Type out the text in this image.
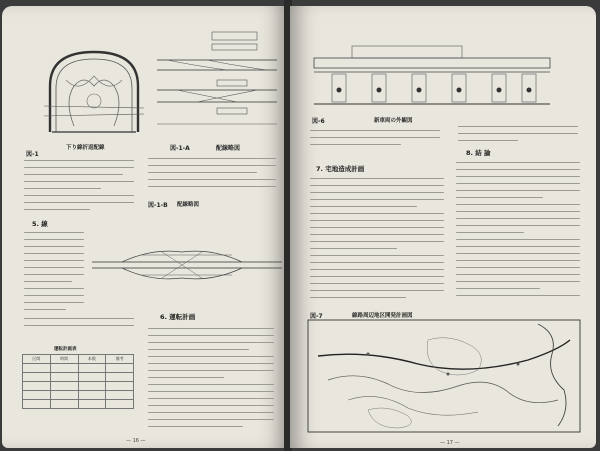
図-1
下り線折返配線	図-1-A	配線略図
5. 線
図-1-B 配線略図
運転計画表
区間	時間	本数	備考

6. 運転計画
— 16 —
図-6	新車両の外観図
7. 宅地造成計画
8. 結 論
図-7	線路周辺地区開発計画図
— 17 —
